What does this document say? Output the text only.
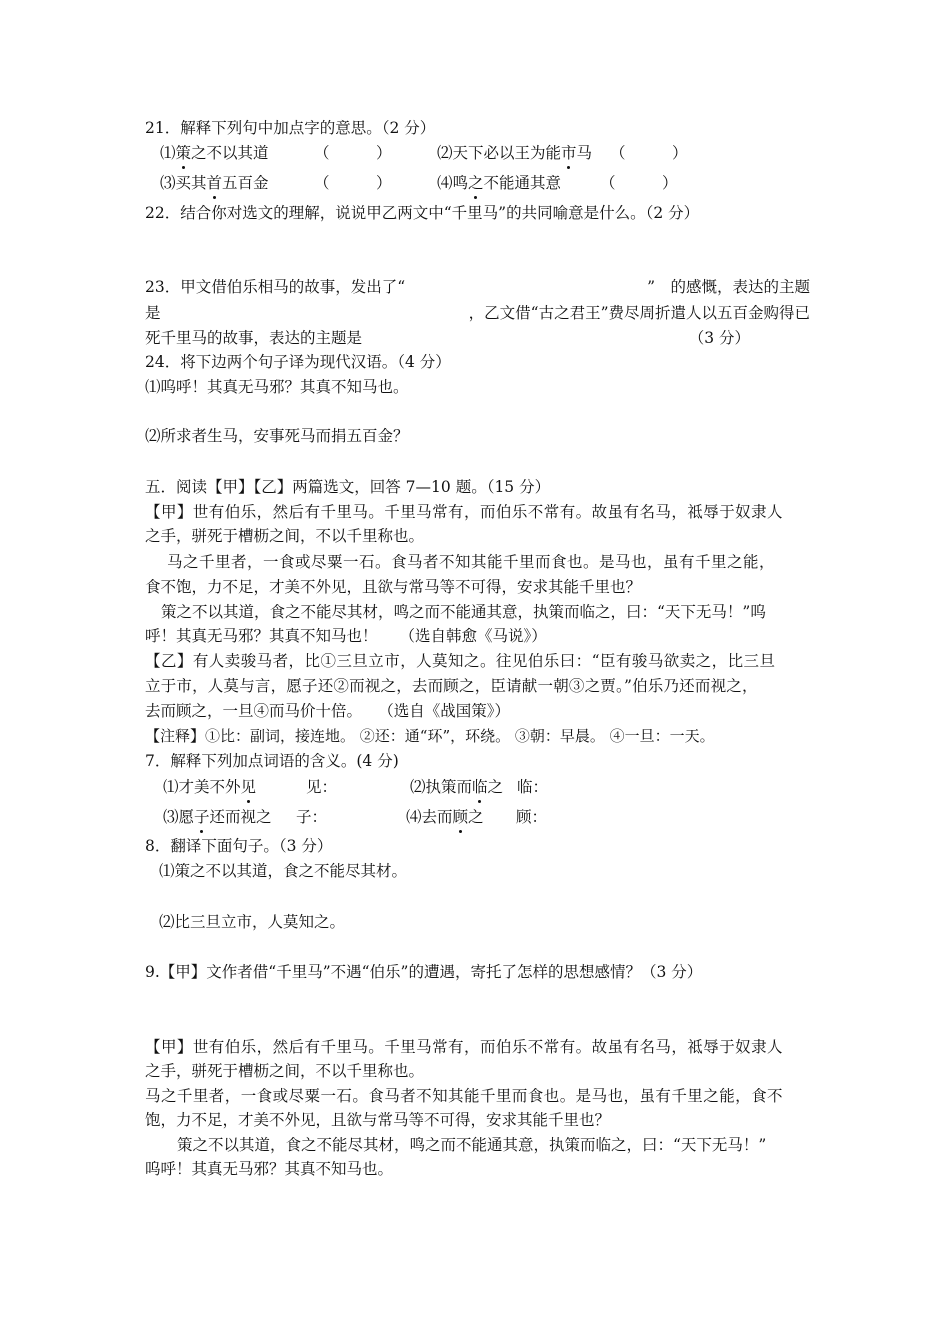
21．解释下列句中加点字的意思。（2 分）
⑴策之不以其道	（　　　）	⑵天下必以王为能市马 （　　　）
⑶买其首五百金	（　　　）	⑷鸣之不能通其意	（　　　）
22．结合你对选文的理解，说说甲乙两文中“千里马”的共同喻意是什么。（2 分）
23．甲文借伯乐相马的故事，发出了“	”　的感慨，表达的主题
是	，乙文借“古之君王”费尽周折遣人以五百金购得已
死千里马的故事，表达的主题是	（3 分）
24．将下边两个句子译为现代汉语。（4 分）
⑴呜呼！其真无马邪？其真不知马也。
⑵所求者生马，安事死马而捐五百金？
五．阅读【甲】【乙】两篇选文，回答 7—10 题。（15 分）
【甲】世有伯乐，然后有千里马。千里马常有，而伯乐不常有。故虽有名马，祗辱于奴隶人
之手，骈死于槽枥之间，不以千里称也。
马之千里者，一食或尽粟一石。食马者不知其能千里而食也。是马也，虽有千里之能，
食不饱，力不足，才美不外见，且欲与常马等不可得，安求其能千里也？
策之不以其道，食之不能尽其材，鸣之而不能通其意，执策而临之，曰：“天下无马！”呜
呼！其真无马邪？其真不知马也！ （选自韩愈《马说》）
【乙】有人卖骏马者，比①三旦立市，人莫知之。往见伯乐曰：“臣有骏马欲卖之，比三旦
立于市，人莫与言，愿子还②而视之，去而顾之，臣请献一朝③之贾。”伯乐乃还而视之，
去而顾之，一旦④而马价十倍。 （选自《战国策》）
【注释】①比：副词，接连地。 ②还：通“环”，环绕。 ③朝：早晨。 ④一旦：一天。
7．解释下列加点词语的含义。(4 分)
⑴才美不外见	见：	⑵执策而临之 临：
⑶愿子还而视之 子：	⑷去而顾之 顾：
8．翻译下面句子。（3 分）
⑴策之不以其道，食之不能尽其材。
⑵比三旦立市，人莫知之。
9.【甲】文作者借“千里马”不遇“伯乐”的遭遇，寄托了怎样的思想感情？（3 分）
【甲】世有伯乐，然后有千里马。千里马常有，而伯乐不常有。故虽有名马，祗辱于奴隶人
之手，骈死于槽枥之间，不以千里称也。
马之千里者，一食或尽粟一石。食马者不知其能千里而食也。是马也，虽有千里之能，食不
饱，力不足，才美不外见，且欲与常马等不可得，安求其能千里也？
策之不以其道，食之不能尽其材，鸣之而不能通其意，执策而临之，曰：“天下无马！”
呜呼！其真无马邪？其真不知马也。
